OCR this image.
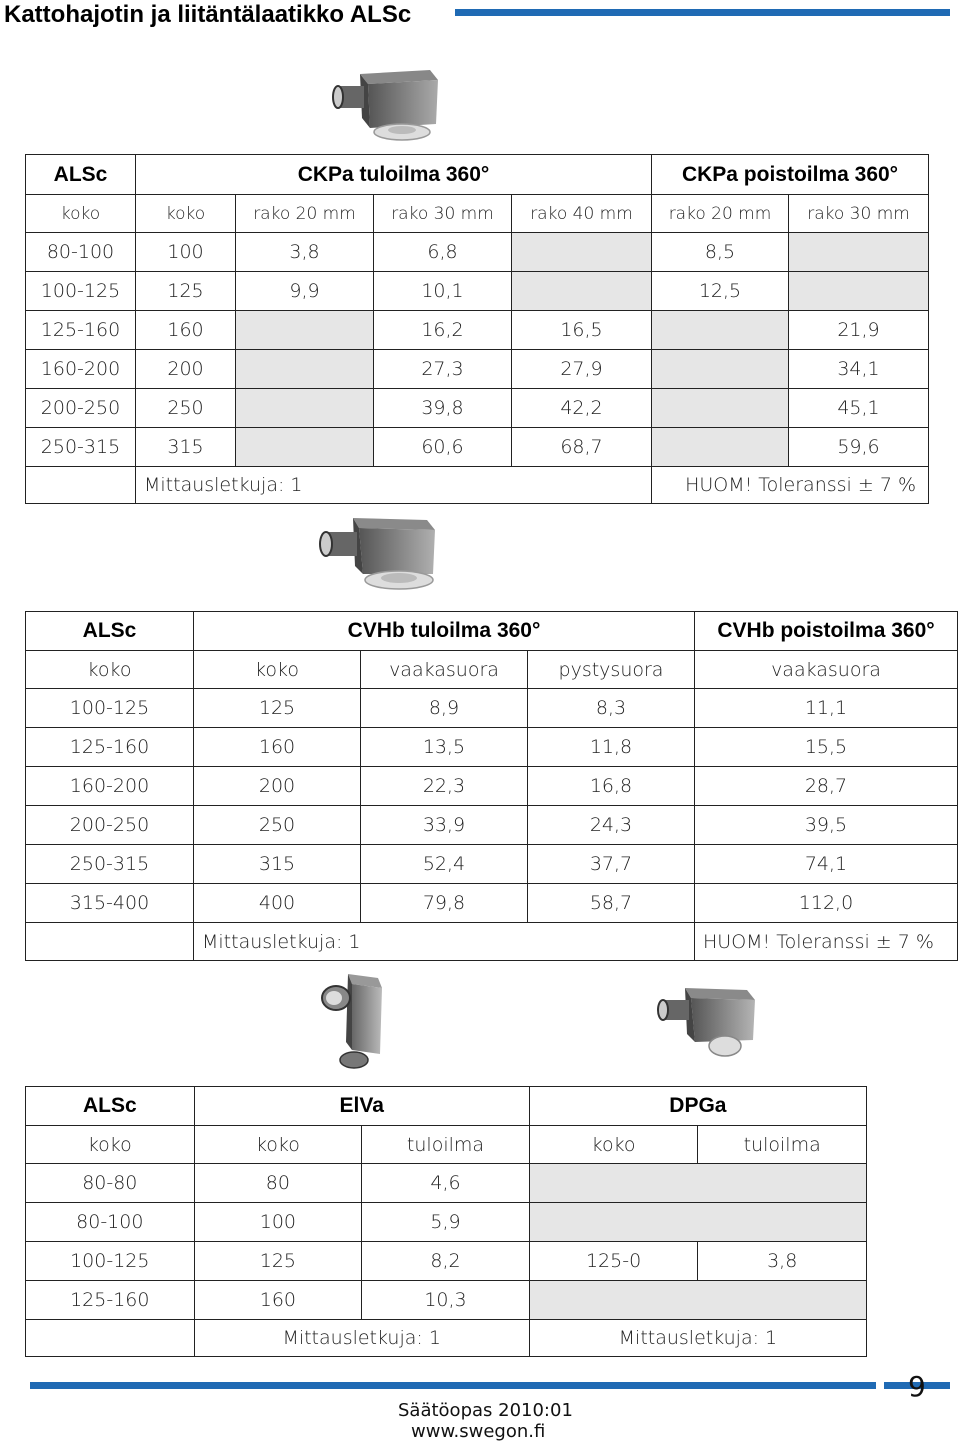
Kattohajotin ja liitäntälaatikko ALSc
ALSc	CKPa tuloilma 360°				CKPa poistoilma 360°	
koko	koko	rako 20 mm	rako 30 mm	rako 40 mm	rako 20 mm	rako 30 mm
80-100	100	3,8	6,8		8,5	
100-125	125	9,9	10,1		12,5	
125-160	160		16,2	16,5		21,9
160-200	200		27,3	27,9		34,1
200-250	250		39,8	42,2		45,1
250-315	315		60,6	68,7		59,6
	Mittausletkuja: 1				HUOM! Toleranssi ± 7 %	
ALSc	CVHb tuloilma 360°			CVHb poistoilma 360°
koko	koko	vaakasuora	pystysuora	vaakasuora
100-125	125	8,9	8,3	11,1
125-160	160	13,5	11,8	15,5
160-200	200	22,3	16,8	28,7
200-250	250	33,9	24,3	39,5
250-315	315	52,4	37,7	74,1
315-400	400	79,8	58,7	112,0
	Mittausletkuja: 1			HUOM! Toleranssi ± 7 %
ALSc	ElVa		DPGa	
koko	koko	tuloilma	koko	tuloilma
80-80	80	4,6		
80-100	100	5,9		
100-125	125	8,2	125-0	3,8
125-160	160	10,3		
	Mittausletkuja: 1		Mittausletkuja: 1	
9
Säätöopas 2010:01
www.swegon.fi
